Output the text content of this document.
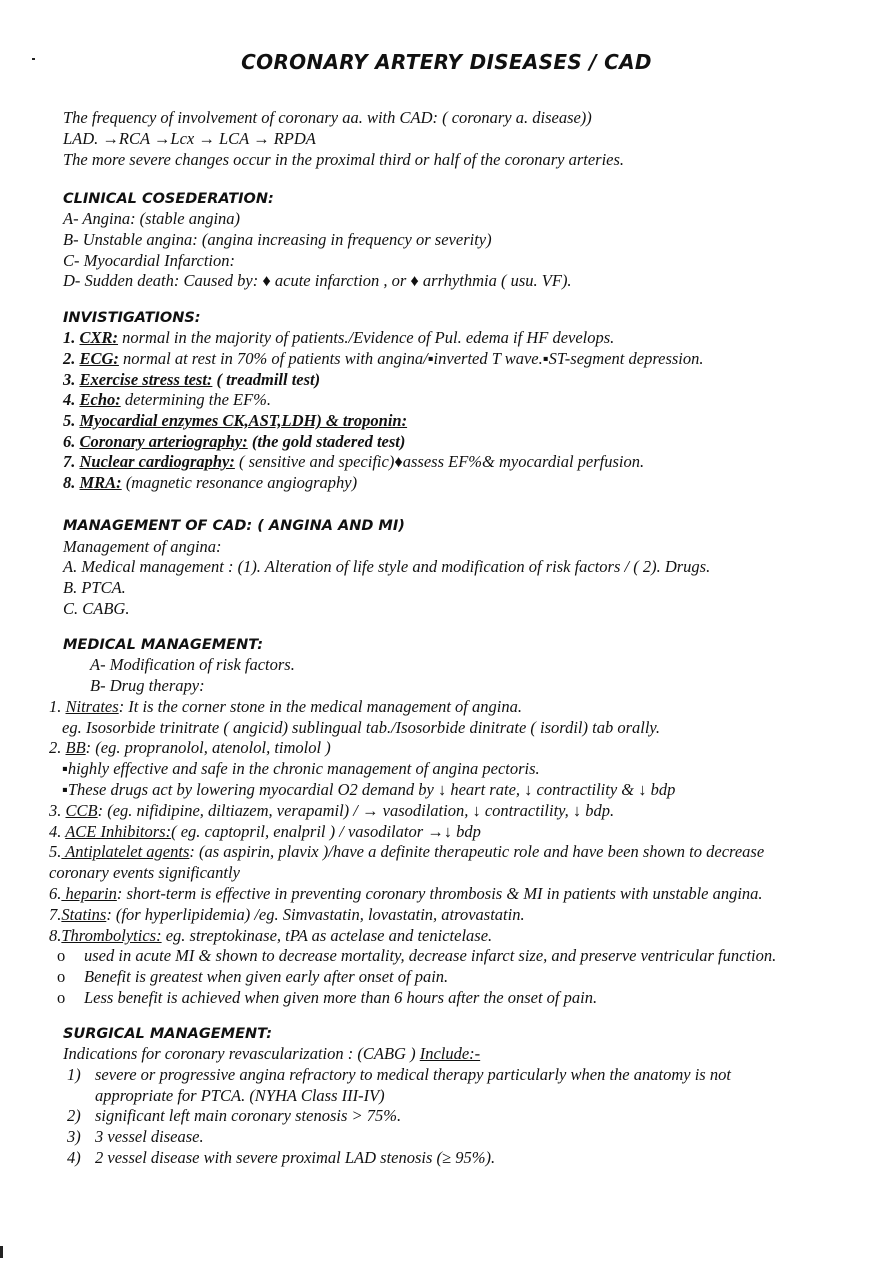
CORONARY ARTERY DISEASES / CAD
The frequency of involvement of coronary aa. with CAD: ( coronary a. disease))
LAD. →RCA →Lcx → LCA → RPDA
The more severe changes occur in the proximal third or half of the coronary arteries.
CLINICAL COSEDERATION:
A- Angina: (stable angina)
B- Unstable angina: (angina increasing in frequency or severity)
C- Myocardial Infarction:
D- Sudden death: Caused by: ♦ acute infarction , or ♦ arrhythmia ( usu. VF).
INVISTIGATIONS:
1. CXR: normal in the majority of patients./Evidence of Pul. edema if HF develops.
2. ECG: normal at rest in 70% of patients with angina/▪inverted T wave.▪ST-segment depression.
3. Exercise stress test: ( treadmill test)
4. Echo: determining the EF%.
5. Myocardial enzymes CK,AST,LDH) & troponin:
6. Coronary arteriography: (the gold stadered test)
7. Nuclear cardiography: ( sensitive and specific)♦assess EF%& myocardial perfusion.
8. MRA: (magnetic resonance angiography)
MANAGEMENT OF CAD: ( ANGINA AND MI)
Management of angina:
A. Medical management : (1). Alteration of life style and modification of risk factors / ( 2). Drugs.
B. PTCA.
C. CABG.
MEDICAL MANAGEMENT:
A- Modification of risk factors.
B- Drug therapy:
1. Nitrates: It is the corner stone in the medical management of angina.
eg. Isosorbide trinitrate ( angicid) sublingual tab./Isosorbide dinitrate ( isordil) tab orally.
2. BB: (eg. propranolol, atenolol, timolol )
▪highly effective and safe in the chronic management of angina pectoris.
▪These drugs act by lowering myocardial O2 demand by ↓ heart rate, ↓ contractility & ↓ bdp
3. CCB: (eg. nifidipine, diltiazem, verapamil) / → vasodilation, ↓ contractility, ↓ bdp.
4. ACE Inhibitors:( eg. captopril, enalpril ) / vasodilator →↓ bdp
5. Antiplatelet agents: (as aspirin, plavix )/have a definite therapeutic role and have been shown to decrease
coronary events significantly
6. heparin: short-term is effective in preventing coronary thrombosis & MI in patients with unstable angina.
7.Statins: (for hyperlipidemia) /eg. Simvastatin, lovastatin, atrovastatin.
8.Thrombolytics: eg. streptokinase, tPA as actelase and tenictelase.
o used in acute MI & shown to decrease mortality, decrease infarct size, and preserve ventricular function.
o Benefit is greatest when given early after onset of pain.
o Less benefit is achieved when given more than 6 hours after the onset of pain.
SURGICAL MANAGEMENT:
Indications for coronary revascularization : (CABG ) Include:-
1) severe or progressive angina refractory to medical therapy particularly when the anatomy is not
appropriate for PTCA. (NYHA Class III-IV)
2) significant left main coronary stenosis > 75%.
3) 3 vessel disease.
4) 2 vessel disease with severe proximal LAD stenosis (≥ 95%).
